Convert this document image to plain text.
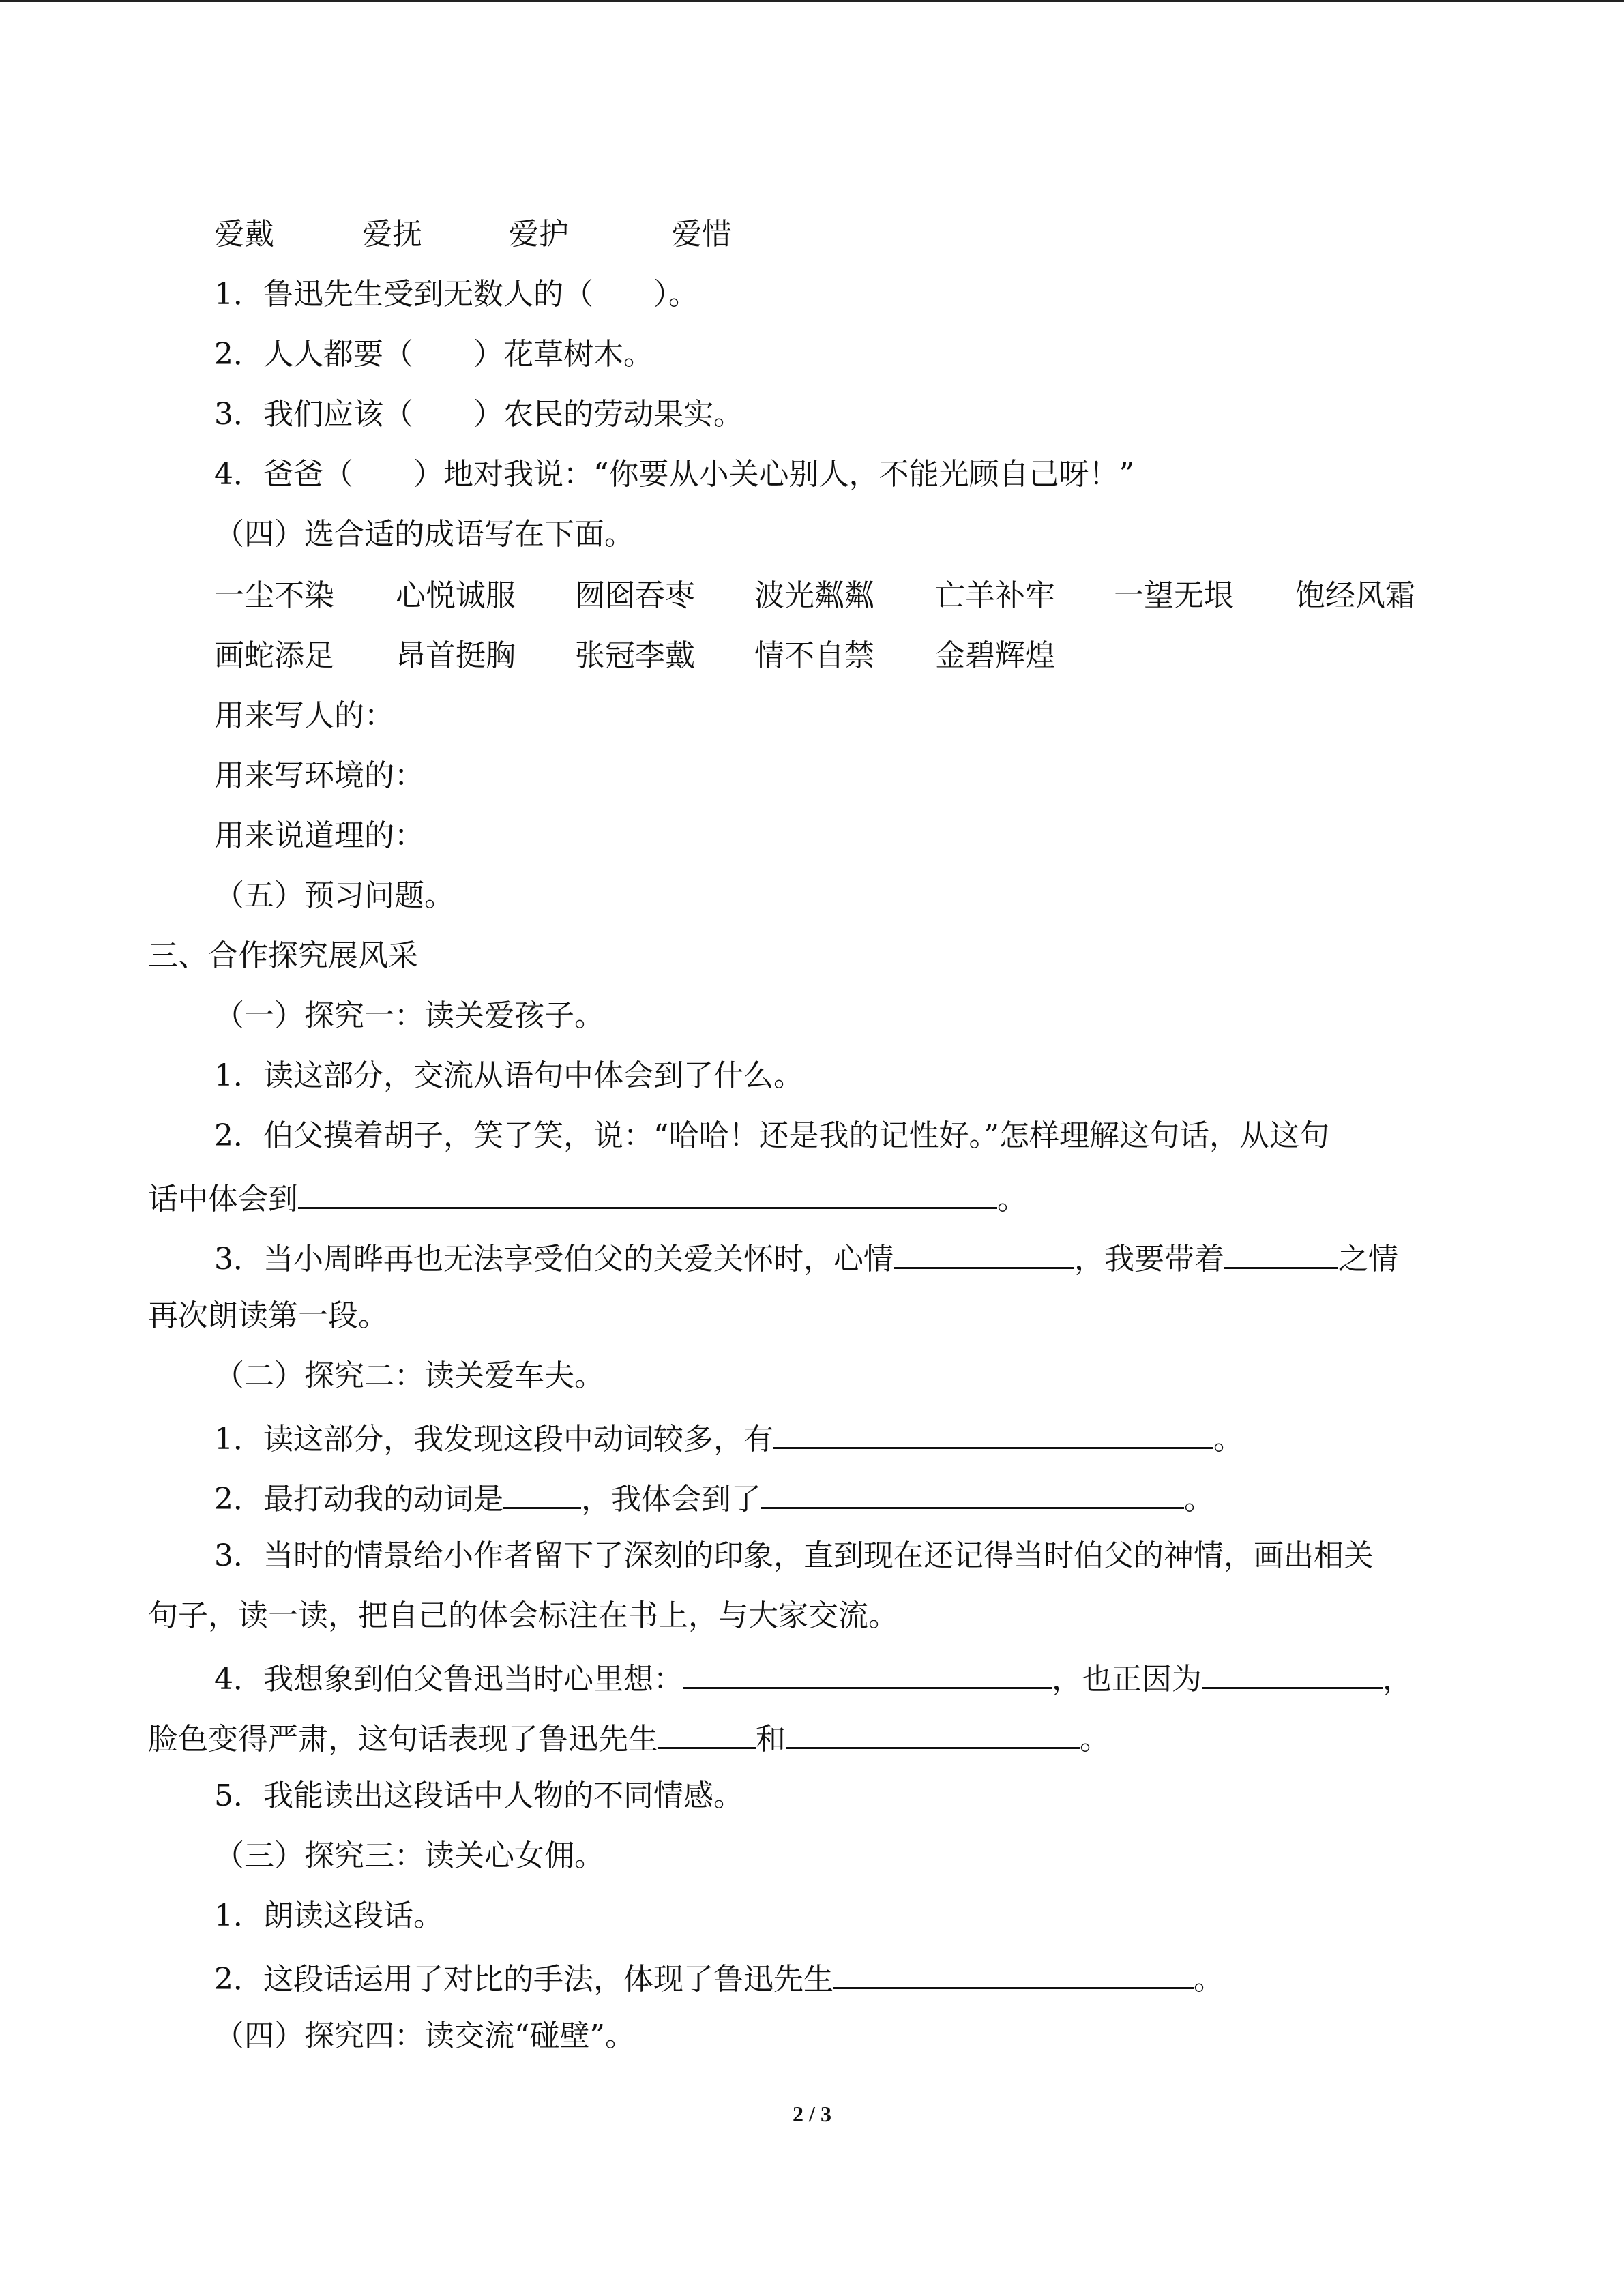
爱戴	爱抚	爱护	爱惜
1．鲁迅先生受到无数人的（　　）。
2．人人都要（　　）花草树木。
3．我们应该（　　）农民的劳动果实。
4．爸爸（　　）地对我说：“你要从小关心别人，不能光顾自己呀！”
（四）选合适的成语写在下面。
一尘不染 心悦诚服 囫囵吞枣 波光粼粼 亡羊补牢 一望无垠 饱经风霜
画蛇添足 昂首挺胸 张冠李戴 情不自禁 金碧辉煌
用来写人的：
用来写环境的：
用来说道理的：
（五）预习问题。
三、合作探究展风采
（一）探究一：读关爱孩子。
1．读这部分，交流从语句中体会到了什么。
2．伯父摸着胡子，笑了笑，说：“哈哈！还是我的记性好。”怎样理解这句话，从这句
话中体会到	。
3．当小周晔再也无法享受伯父的关爱关怀时，心情	，我要带着	之情
再次朗读第一段。
（二）探究二：读关爱车夫。
1．读这部分，我发现这段中动词较多，有	。
2．最打动我的动词是	，我体会到了	。
3．当时的情景给小作者留下了深刻的印象，直到现在还记得当时伯父的神情，画出相关
句子，读一读，把自己的体会标注在书上，与大家交流。
4．我想象到伯父鲁迅当时心里想：	，也正因为	，
脸色变得严肃，这句话表现了鲁迅先生	和	。
5．我能读出这段话中人物的不同情感。
（三）探究三：读关心女佣。
1．朗读这段话。
2．这段话运用了对比的手法，体现了鲁迅先生	。
（四）探究四：读交流“碰壁”。
2 / 3
